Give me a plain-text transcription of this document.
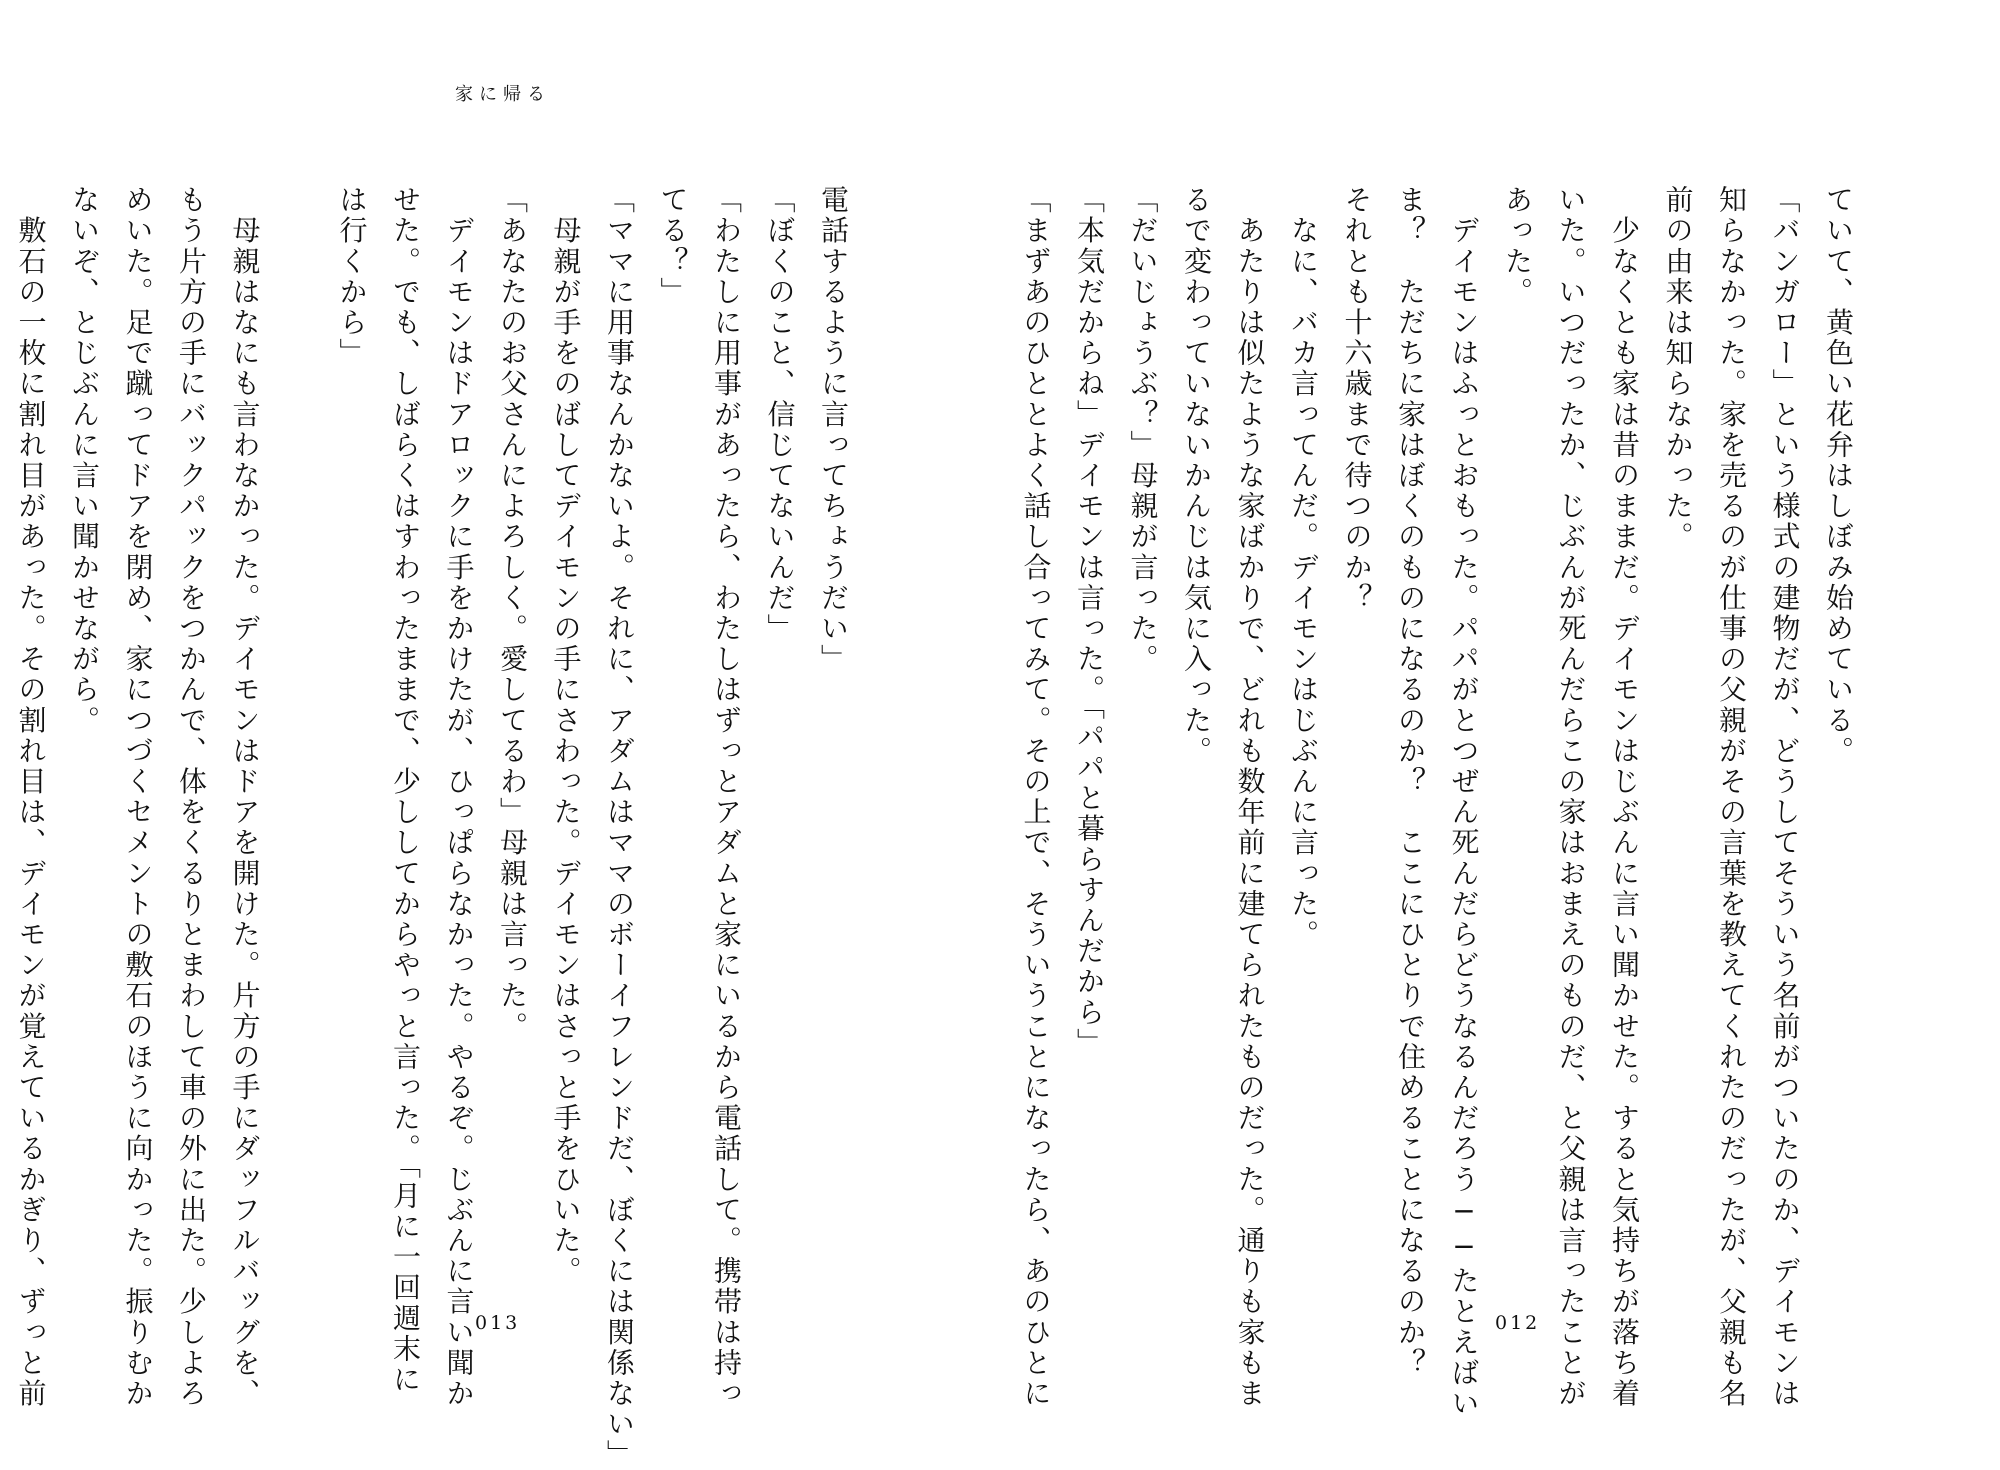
家に帰る
電話するように言ってちょうだい」
「ぼくのこと、信じてないんだ」
「わたしに用事があったら、わたしはずっとアダムと家にいるから電話して。携帯は持っ
てる？」
「ママに用事なんかないよ。それに、アダムはママのボーイフレンドだ、ぼくには関係ない」
　母親が手をのばしてデイモンの手にさわった。デイモンはさっと手をひいた。
「あなたのお父さんによろしく。愛してるわ」母親は言った。
　デイモンはドアロックに手をかけたが、ひっぱらなかった。やるぞ。じぶんに言い聞か
せた。でも、しばらくはすわったままで、少ししてからやっと言った。「月に一回週末に
は行くから」

　母親はなにも言わなかった。デイモンはドアを開けた。片方の手にダッフルバッグを、
もう片方の手にバックパックをつかんで、体をくるりとまわして車の外に出た。少しよろ
めいた。足で蹴ってドアを閉め、家につづくセメントの敷石のほうに向かった。振りむか
ないぞ、とじぶんに言い聞かせながら。
　敷石の一枚に割れ目があった。その割れ目は、デイモンが覚えているかぎり、ずっと前	013
ていて、黄色い花弁はしぼみ始めている。
「バンガロー」という様式の建物だが、どうしてそういう名前がついたのか、デイモンは
知らなかった。家を売るのが仕事の父親がその言葉を教えてくれたのだったが、父親も名
前の由来は知らなかった。
　少なくとも家は昔のままだ。デイモンはじぶんに言い聞かせた。すると気持ちが落ち着
いた。いつだったか、じぶんが死んだらこの家はおまえのものだ、と父親は言ったことが
あった。
　デイモンはふっとおもった。パパがとつぜん死んだらどうなるんだろう──たとえばい
ま？　ただちに家はぼくのものになるのか？　ここにひとりで住めることになるのか？
それとも十六歳まで待つのか？
　なに、バカ言ってんだ。デイモンはじぶんに言った。
　あたりは似たような家ばかりで、どれも数年前に建てられたものだった。通りも家もま
るで変わっていないかんじは気に入った。
「だいじょうぶ？」母親が言った。
「本気だからね」デイモンは言った。「パパと暮らすんだから」
「まずあのひととよく話し合ってみて。その上で、そういうことになったら、あのひとに	012
